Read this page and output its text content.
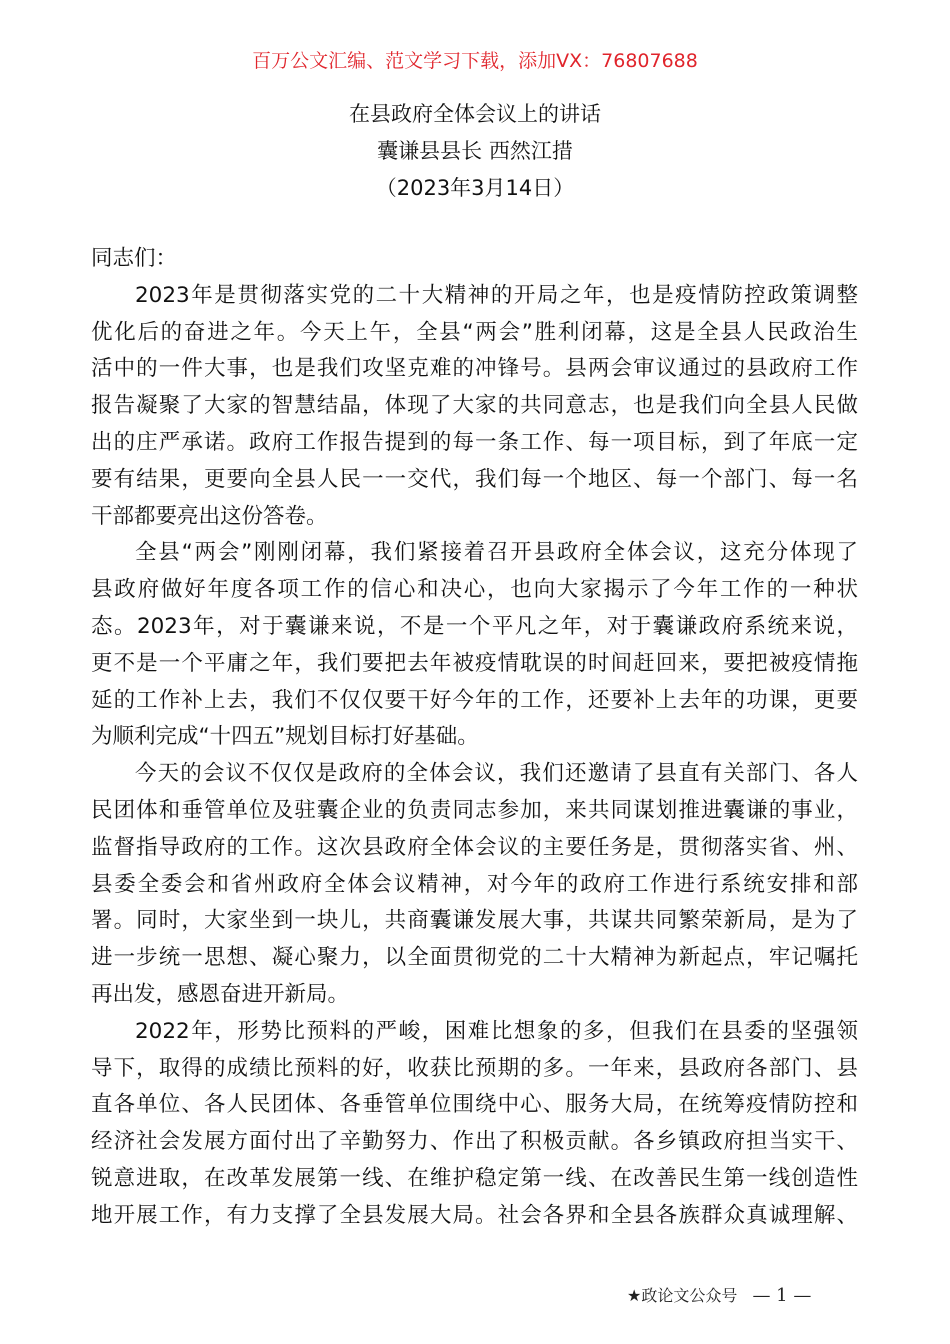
百万公文汇编、范文学习下载，添加VX：76807688
在县政府全体会议上的讲话
囊谦县县长 西然江措
（2023年3月14日）
同志们：
2023年是贯彻落实党的二十大精神的开局之年，也是疫情防控政策调整
优化后的奋进之年。今天上午，全县“两会”胜利闭幕，这是全县人民政治生
活中的一件大事，也是我们攻坚克难的冲锋号。县两会审议通过的县政府工作
报告凝聚了大家的智慧结晶，体现了大家的共同意志，也是我们向全县人民做
出的庄严承诺。政府工作报告提到的每一条工作、每一项目标，到了年底一定
要有结果，更要向全县人民一一交代，我们每一个地区、每一个部门、每一名
干部都要亮出这份答卷。
全县“两会”刚刚闭幕，我们紧接着召开县政府全体会议，这充分体现了
县政府做好年度各项工作的信心和决心，也向大家揭示了今年工作的一种状
态。2023年，对于囊谦来说，不是一个平凡之年，对于囊谦政府系统来说，
更不是一个平庸之年，我们要把去年被疫情耽误的时间赶回来，要把被疫情拖
延的工作补上去，我们不仅仅要干好今年的工作，还要补上去年的功课，更要
为顺利完成“十四五”规划目标打好基础。
今天的会议不仅仅是政府的全体会议，我们还邀请了县直有关部门、各人
民团体和垂管单位及驻囊企业的负责同志参加，来共同谋划推进囊谦的事业，
监督指导政府的工作。这次县政府全体会议的主要任务是，贯彻落实省、州、
县委全委会和省州政府全体会议精神，对今年的政府工作进行系统安排和部
署。同时，大家坐到一块儿，共商囊谦发展大事，共谋共同繁荣新局，是为了
进一步统一思想、凝心聚力，以全面贯彻党的二十大精神为新起点，牢记嘱托
再出发，感恩奋进开新局。
2022年，形势比预料的严峻，困难比想象的多，但我们在县委的坚强领
导下，取得的成绩比预料的好，收获比预期的多。一年来，县政府各部门、县
直各单位、各人民团体、各垂管单位围绕中心、服务大局，在统筹疫情防控和
经济社会发展方面付出了辛勤努力、作出了积极贡献。各乡镇政府担当实干、
锐意进取，在改革发展第一线、在维护稳定第一线、在改善民生第一线创造性
地开展工作，有力支撑了全县发展大局。社会各界和全县各族群众真诚理解、
★政论文公众号 — 1 —
